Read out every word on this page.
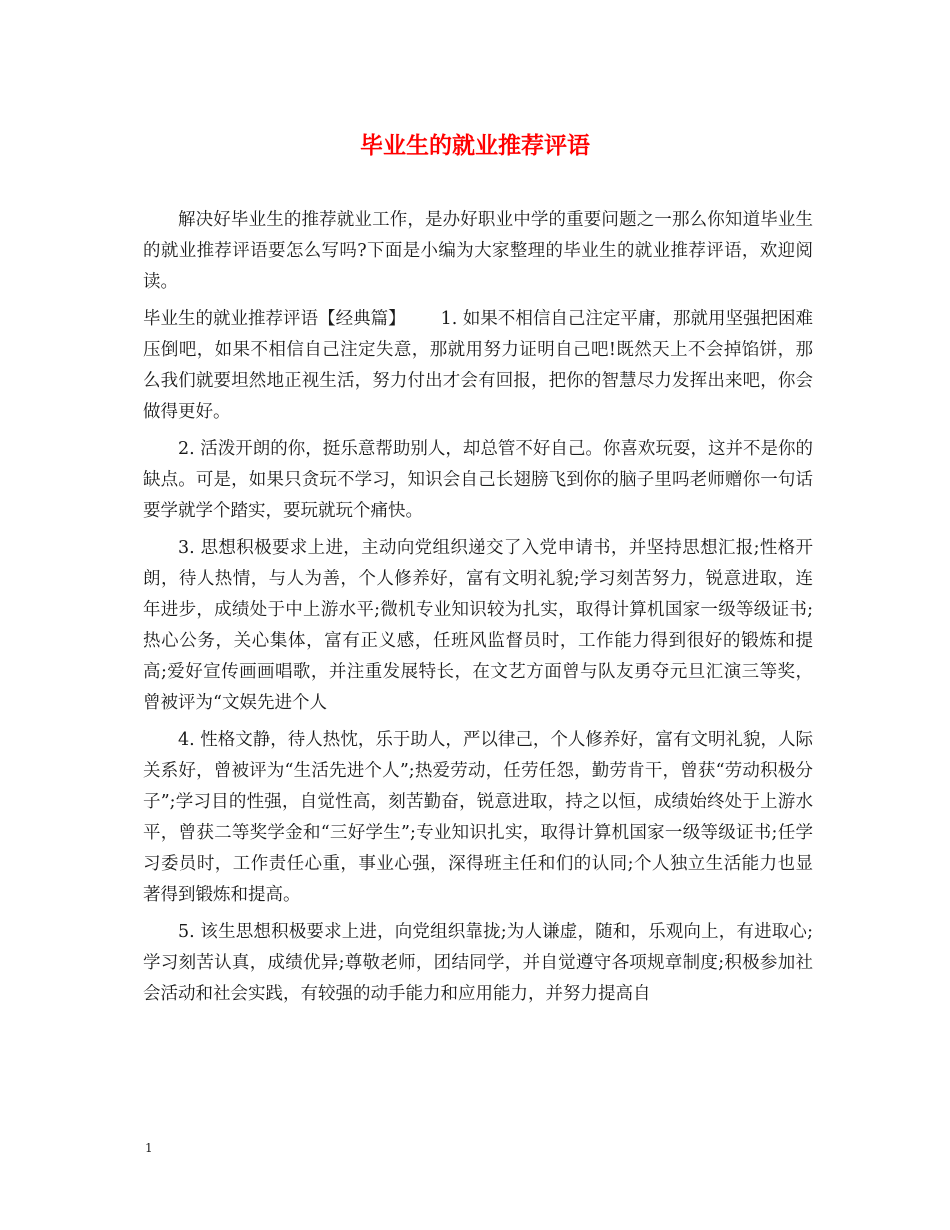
毕业生的就业推荐评语

解决好毕业生的推荐就业工作，是办好职业中学的重要问题之一那么你知道毕业生的就业推荐评语要怎么写吗?下面是小编为大家整理的毕业生的就业推荐评语，欢迎阅读。

毕业生的就业推荐评语【经典篇】   1. 如果不相信自己注定平庸，那就用坚强把困难压倒吧，如果不相信自己注定失意，那就用努力证明自己吧!既然天上不会掉馅饼，那么我们就要坦然地正视生活，努力付出才会有回报，把你的智慧尽力发挥出来吧，你会做得更好。

2. 活泼开朗的你，挺乐意帮助别人，却总管不好自己。你喜欢玩耍，这并不是你的缺点。可是，如果只贪玩不学习，知识会自己长翅膀飞到你的脑子里吗老师赠你一句话要学就学个踏实，要玩就玩个痛快。

3. 思想积极要求上进，主动向党组织递交了入党申请书，并坚持思想汇报;性格开朗，待人热情，与人为善，个人修养好，富有文明礼貌;学习刻苦努力，锐意进取，连年进步，成绩处于中上游水平;微机专业知识较为扎实，取得计算机国家一级等级证书;热心公务，关心集体，富有正义感，任班风监督员时，工作能力得到很好的锻炼和提高;爱好宣传画画唱歌，并注重发展特长，在文艺方面曾与队友勇夺元旦汇演三等奖，曾被评为“文娱先进个人

4. 性格文静，待人热忱，乐于助人，严以律己，个人修养好，富有文明礼貌，人际关系好，曾被评为“生活先进个人”;热爱劳动，任劳任怨，勤劳肯干，曾获“劳动积极分子”;学习目的性强，自觉性高，刻苦勤奋，锐意进取，持之以恒，成绩始终处于上游水平，曾获二等奖学金和“三好学生”;专业知识扎实，取得计算机国家一级等级证书;任学习委员时，工作责任心重，事业心强，深得班主任和们的认同;个人独立生活能力也显著得到锻炼和提高。

5. 该生思想积极要求上进，向党组织靠拢;为人谦虚，随和，乐观向上，有进取心;学习刻苦认真，成绩优异;尊敬老师，团结同学，并自觉遵守各项规章制度;积极参加社会活动和社会实践，有较强的动手能力和应用能力，并努力提高自

1
